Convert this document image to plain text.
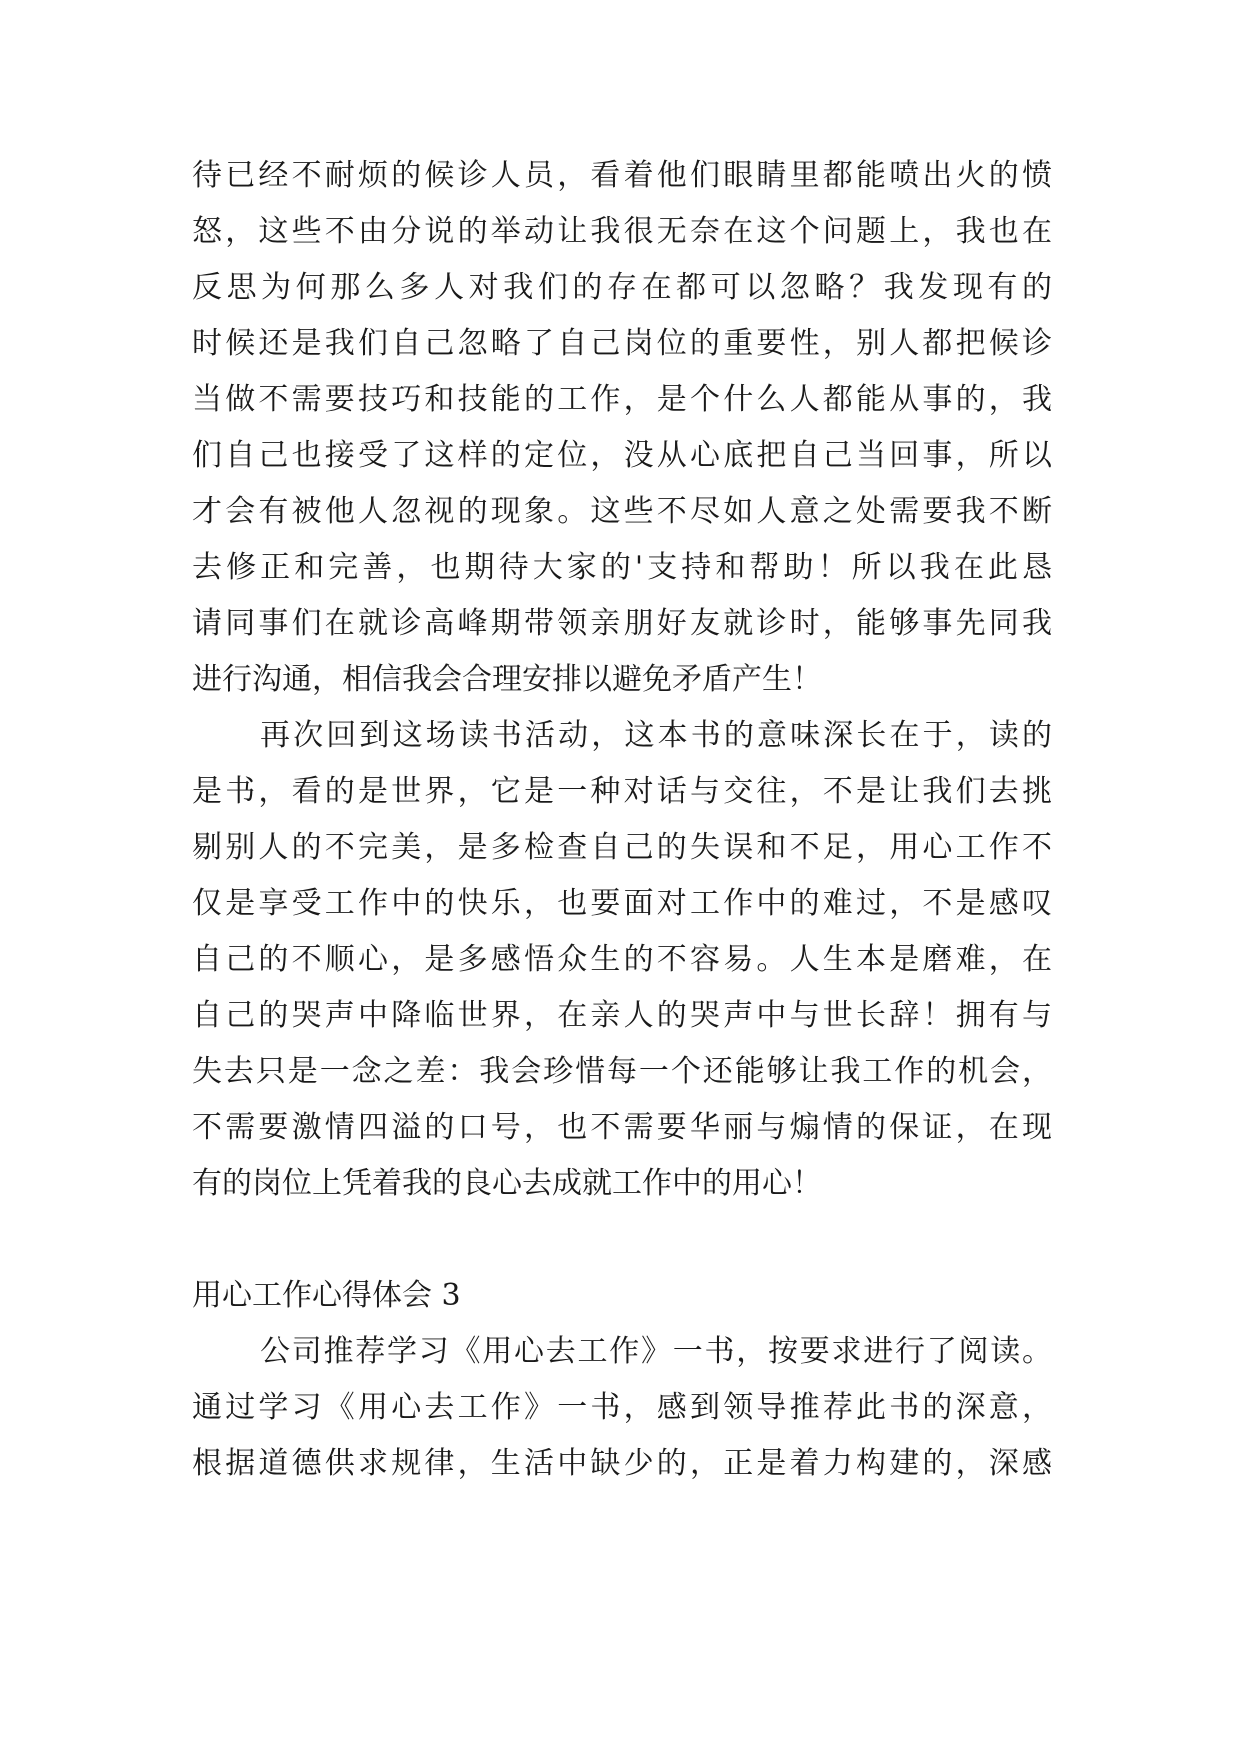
待已经不耐烦的候诊人员，看着他们眼睛里都能喷出火的愤
怒，这些不由分说的举动让我很无奈在这个问题上，我也在
反思为何那么多人对我们的存在都可以忽略？我发现有的
时候还是我们自己忽略了自己岗位的重要性，别人都把候诊
当做不需要技巧和技能的工作，是个什么人都能从事的，我
们自己也接受了这样的定位，没从心底把自己当回事，所以
才会有被他人忽视的现象。这些不尽如人意之处需要我不断
去修正和完善，也期待大家的'支持和帮助！所以我在此恳
请同事们在就诊高峰期带领亲朋好友就诊时，能够事先同我
进行沟通，相信我会合理安排以避免矛盾产生！
再次回到这场读书活动，这本书的意味深长在于，读的
是书，看的是世界，它是一种对话与交往，不是让我们去挑
剔别人的不完美，是多检查自己的失误和不足，用心工作不
仅是享受工作中的快乐，也要面对工作中的难过，不是感叹
自己的不顺心，是多感悟众生的不容易。人生本是磨难，在
自己的哭声中降临世界，在亲人的哭声中与世长辞！拥有与
失去只是一念之差：我会珍惜每一个还能够让我工作的机会，
不需要激情四溢的口号，也不需要华丽与煽情的保证，在现
有的岗位上凭着我的良心去成就工作中的用心！
用心工作心得体会 3
公司推荐学习《用心去工作》一书，按要求进行了阅读。
通过学习《用心去工作》一书，感到领导推荐此书的深意，
根据道德供求规律，生活中缺少的，正是着力构建的，深感
